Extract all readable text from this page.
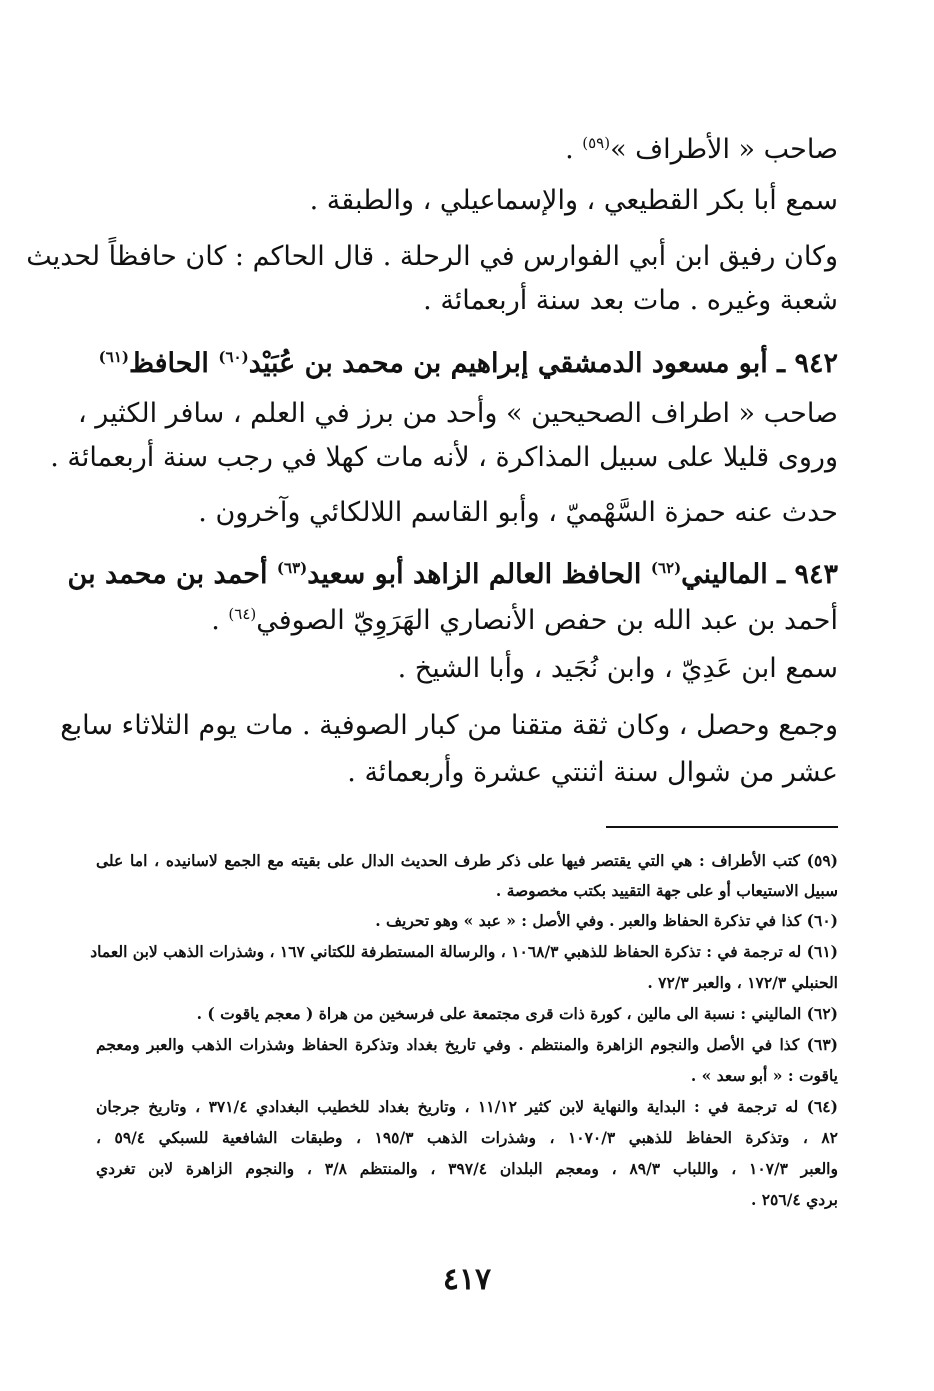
صاحب « الأطراف »$^{(٥٩)}$ .
سمع أبا بكر القطيعي ، والإسماعيلي ، والطبقة .
وكان رفيق ابن أبي الفوارس في الرحلة . قال الحاكم : كان حافظاً لحديث
شعبة وغيره . مات بعد سنة أربعمائة .
٩٤٢ ـ أبو مسعود الدمشقي إبراهيم بن محمد بن عُبَيْد$^{(٦٠)}$ الحافظ$^{(٦١)}$
صاحب « اطراف الصحيحين » وأحد من برز في العلم ، سافر الكثير ،
وروى قليلا على سبيل المذاكرة ، لأنه مات كهلا في رجب سنة أربعمائة .
حدث عنه حمزة السَّهْميّ ، وأبو القاسم اللالكائي وآخرون .
٩٤٣ ـ الماليني$^{(٦٢)}$ الحافظ العالم الزاهد أبو سعيد$^{(٦٣)}$ أحمد بن محمد بن
أحمد بن عبد الله بن حفص الأنصاري الهَرَوِيّ الصوفي$^{(٦٤)}$ .
سمع ابن عَدِيّ ، وابن نُجَيد ، وأبا الشيخ .
وجمع وحصل ، وكان ثقة متقنا من كبار الصوفية . مات يوم الثلاثاء سابع
عشر من شوال سنة اثنتي عشرة وأربعمائة .
(٥٩) كتب الأطراف : هي التي يقتصر فيها على ذكر طرف الحديث الدال على بقيته مع الجمع لاسانيده ، اما على
سبيل الاستيعاب أو على جهة التقييد بكتب مخصوصة .
(٦٠) كذا في تذكرة الحفاظ والعبر . وفي الأصل : « عبد » وهو تحريف .
(٦١) له ترجمة في : تذكرة الحفاظ للذهبي ١٠٦٨/٣ ، والرسالة المستطرفة للكتاني ١٦٧ ، وشذرات الذهب لابن العماد
الحنبلي ١٧٢/٣ ، والعبر ٧٢/٣ .
(٦٢) الماليني : نسبة الى مالين ، كورة ذات قرى مجتمعة على فرسخين من هراة ( معجم ياقوت ) .
(٦٣) كذا في الأصل والنجوم الزاهرة والمنتظم . وفي تاريخ بغداد وتذكرة الحفاظ وشذرات الذهب والعبر ومعجم
ياقوت : « أبو سعد » .
(٦٤) له ترجمة في : البداية والنهاية لابن كثير ١١/١٢ ، وتاريخ بغداد للخطيب البغدادي ٣٧١/٤ ، وتاريخ جرجان
٨٢ ، وتذكرة الحفاظ للذهبي ١٠٧٠/٣ ، وشذرات الذهب ١٩٥/٣ ، وطبقات الشافعية للسبكي ٥٩/٤ ،
والعبر ١٠٧/٣ ، واللباب ٨٩/٣ ، ومعجم البلدان ٣٩٧/٤ ، والمنتظم ٣/٨ ، والنجوم الزاهرة لابن تغردي
بردي ٢٥٦/٤ .
٤١٧
